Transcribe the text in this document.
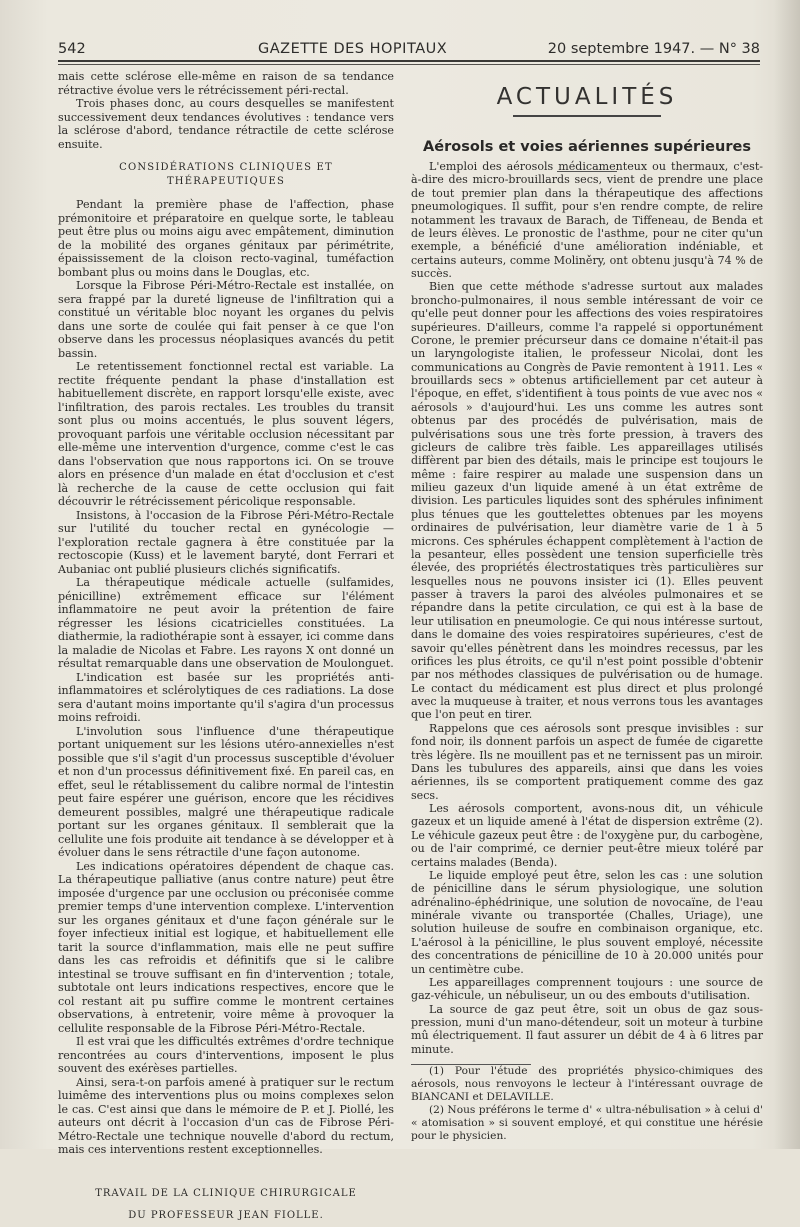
542	GAZETTE DES HOPITAUX	20 septembre 1947. — N° 38

mais cette sclérose elle-même en raison de sa tendance rétractive évolue vers le rétrécissement péri-rectal.

Trois phases donc, au cours desquelles se manifestent successivement deux tendances évolutives : tendance vers la sclérose d'abord, tendance rétractile de cette sclérose ensuite.

CONSIDÉRATIONS CLINIQUES ET THÉRAPEUTIQUES

Pendant la première phase de l'affection, phase prémonitoire et préparatoire en quelque sorte, le tableau peut être plus ou moins aigu avec empâtement, diminution de la mobilité des organes génitaux par périmétrite, épaississement de la cloison recto-vaginal, tuméfaction bombant plus ou moins dans le Douglas, etc.

Lorsque la Fibrose Péri-Métro-Rectale est installée, on sera frappé par la dureté ligneuse de l'infiltration qui a constitué un véritable bloc noyant les organes du pelvis dans une sorte de coulée qui fait penser à ce que l'on observe dans les processus néoplasiques avancés du petit bassin.

Le retentissement fonctionnel rectal est variable. La rectite fréquente pendant la phase d'installation est habituellement discrète, en rapport lorsqu'elle existe, avec l'infiltration, des parois rectales. Les troubles du transit sont plus ou moins accentués, le plus souvent légers, provoquant parfois une véritable occlusion nécessitant par elle-même une intervention d'urgence, comme c'est le cas dans l'observation que nous rapportons ici. On se trouve alors en présence d'un malade en état d'occlusion et c'est là recherche de la cause de cette occlusion qui fait découvrir le rétrécissement péricolique responsable.

Insistons, à l'occasion de la Fibrose Péri-Métro-Rectale sur l'utilité du toucher rectal en gynécologie — l'exploration rectale gagnera à être constituée par la rectoscopie (Kuss) et le lavement baryté, dont Ferrari et Aubaniac ont publié plusieurs clichés significatifs.

La thérapeutique médicale actuelle (sulfamides, pénicilline) extrêmement efficace sur l'élément inflammatoire ne peut avoir la prétention de faire régresser les lésions cicatricielles constituées. La diathermie, la radiothérapie sont à essayer, ici comme dans la maladie de Nicolas et Fabre. Les rayons X ont donné un résultat remarquable dans une observation de Moulonguet.

L'indication est basée sur les propriétés anti-inflammatoires et sclérolytiques de ces radiations. La dose sera d'autant moins importante qu'il s'agira d'un processus moins refroidi.

L'involution sous l'influence d'une thérapeutique portant uniquement sur les lésions utéro-annexielles n'est possible que s'il s'agit d'un processus susceptible d'évoluer et non d'un processus définitivement fixé. En pareil cas, en effet, seul le rétablissement du calibre normal de l'intestin peut faire espérer une guérison, encore que les récidives demeurent possibles, malgré une thérapeutique radicale portant sur les organes génitaux. Il semblerait que la cellulite une fois produite ait tendance à se développer et à évoluer dans le sens rétractile d'une façon autonome.

Les indications opératoires dépendent de chaque cas. La thérapeutique palliative (anus contre nature) peut être imposée d'urgence par une occlusion ou préconisée comme premier temps d'une intervention complexe. L'intervention sur les organes génitaux et d'une façon générale sur le foyer infectieux initial est logique, et habituellement elle tarit la source d'inflammation, mais elle ne peut suffire dans les cas refroidis et définitifs que si le calibre intestinal se trouve suffisant en fin d'intervention ; totale, subtotale ont leurs indications respectives, encore que le col restant ait pu suffire comme le montrent certaines observations, à entretenir, voire même à provoquer la cellulite responsable de la Fibrose Péri-Métro-Rectale.

Il est vrai que les difficultés extrêmes d'ordre technique rencontrées au cours d'interventions, imposent le plus souvent des exérèses partielles.

Ainsi, sera-t-on parfois amené à pratiquer sur le rectum luimême des interventions plus ou moins complexes selon le cas. C'est ainsi que dans le mémoire de P. et J. Piollé, les auteurs ont décrit à l'occasion d'un cas de Fibrose Péri-Métro-Rectale une technique nouvelle d'abord du rectum, mais ces interventions restent exceptionnelles.

TRAVAIL DE LA CLINIQUE CHIRURGICALE
DU PROFESSEUR JEAN FIOLLE.
ACTUALITÉS
Aérosols et voies aériennes supérieures

L'emploi des aérosols médicamenteux ou thermaux, c'est-à-dire des micro-brouillards secs, vient de prendre une place de tout premier plan dans la thérapeutique des affections pneumologiques. Il suffit, pour s'en rendre compte, de relire notamment les travaux de Barach, de Tiffeneau, de Benda et de leurs élèves. Le pronostic de l'asthme, pour ne citer qu'un exemple, a bénéficié d'une amélioration indéniable, et certains auteurs, comme Moliněry, ont obtenu jusqu'à 74 % de succès.

Bien que cette méthode s'adresse surtout aux malades broncho-pulmonaires, il nous semble intéressant de voir ce qu'elle peut donner pour les affections des voies respiratoires supérieures. D'ailleurs, comme l'a rappelé si opportunément Corone, le premier précurseur dans ce domaine n'était-il pas un laryngologiste italien, le professeur Nicolai, dont les communications au Congrès de Pavie remontent à 1911. Les « brouillards secs » obtenus artificiellement par cet auteur à l'époque, en effet, s'identifient à tous points de vue avec nos « aérosols » d'aujourd'hui. Les uns comme les autres sont obtenus par des procédés de pulvérisation, mais de pulvérisations sous une très forte pression, à travers des gicleurs de calibre très faible. Les appareillages utilisés diffèrent par bien des détails, mais le principe est toujours le même : faire respirer au malade une suspension dans un milieu gazeux d'un liquide amené à un état extrême de division. Les particules liquides sont des sphérules infiniment plus ténues que les gouttelettes obtenues par les moyens ordinaires de pulvérisation, leur diamètre varie de 1 à 5 microns. Ces sphérules échappent complètement à l'action de la pesanteur, elles possèdent une tension superficielle très élevée, des propriétés électrostatiques très particulières sur lesquelles nous ne pouvons insister ici (1). Elles peuvent passer à travers la paroi des alvéoles pulmonaires et se répandre dans la petite circulation, ce qui est à la base de leur utilisation en pneumologie. Ce qui nous intéresse surtout, dans le domaine des voies respiratoires supérieures, c'est de savoir qu'elles pénètrent dans les moindres recessus, par les orifices les plus étroits, ce qu'il n'est point possible d'obtenir par nos méthodes classiques de pulvérisation ou de humage. Le contact du médicament est plus direct et plus prolongé avec la muqueuse à traiter, et nous verrons tous les avantages que l'on peut en tirer.

Rappelons que ces aérosols sont presque invisibles : sur fond noir, ils donnent parfois un aspect de fumée de cigarette très légère. Ils ne mouillent pas et ne ternissent pas un miroir. Dans les tubulures des appareils, ainsi que dans les voies aériennes, ils se comportent pratiquement comme des gaz secs.

Les aérosols comportent, avons-nous dit, un véhicule gazeux et un liquide amené à l'état de dispersion extrême (2). Le véhicule gazeux peut être : de l'oxygène pur, du carbogène, ou de l'air comprimé, ce dernier peut-être mieux toléré par certains malades (Benda).

Le liquide employé peut être, selon les cas : une solution de pénicilline dans le sérum physiologique, une solution adrénalino-éphédrinique, une solution de novocaïne, de l'eau minérale vivante ou transportée (Challes, Uriage), une solution huileuse de soufre en combinaison organique, etc. L'aérosol à la pénicilline, le plus souvent employé, nécessite des concentrations de pénicilline de 10 à 20.000 unités pour un centimètre cube.

Les appareillages comprennent toujours : une source de gaz-véhicule, un nébuliseur, un ou des embouts d'utilisation.

La source de gaz peut être, soit un obus de gaz sous-pression, muni d'un mano-détendeur, soit un moteur à turbine mû électriquement. Il faut assurer un débit de 4 à 6 litres par minute.

(1) Pour l'étude des propriétés physico-chimiques des aérosols, nous renvoyons le lecteur à l'intéressant ouvrage de BIANCANI et DELAVILLE.

(2) Nous préférons le terme d' « ultra-nébulisation » à celui d' « atomisation » si souvent employé, et qui constitue une hérésie pour le physicien.
